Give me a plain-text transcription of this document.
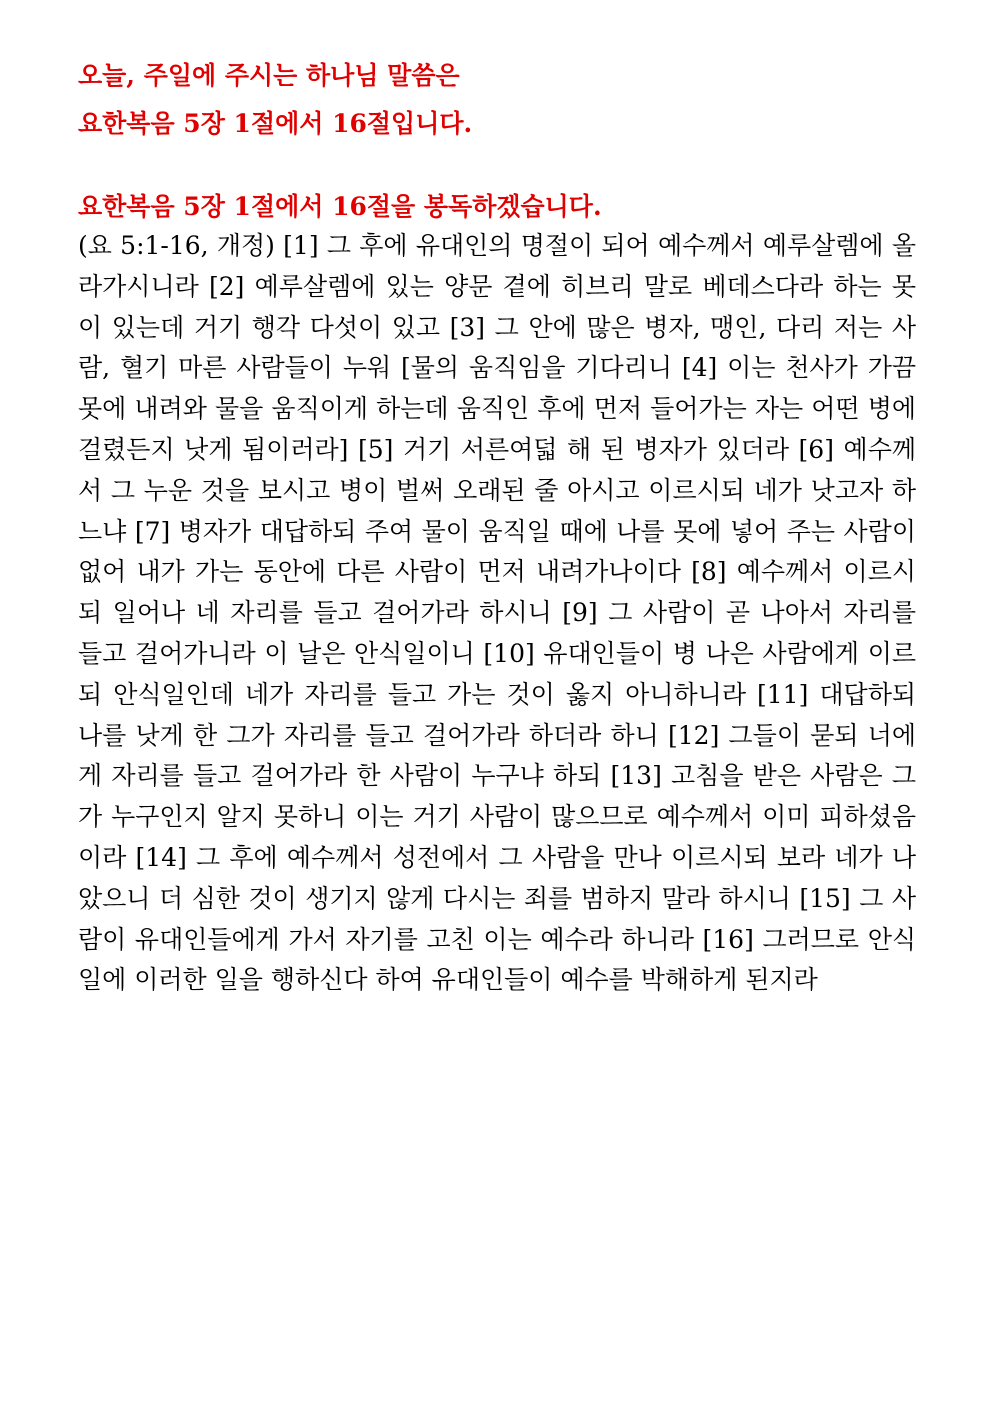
오늘, 주일에 주시는 하나님 말씀은
요한복음 5장 1절에서 16절입니다.
요한복음 5장 1절에서 16절을 봉독하겠습니다.
(요 5:1-16, 개정) [1] 그 후에 유대인의 명절이 되어 예수께서 예루살렘에 올라가시니라 [2] 예루살렘에 있는 양문 곁에 히브리 말로 베데스다라 하는 못이 있는데 거기 행각 다섯이 있고 [3] 그 안에 많은 병자, 맹인, 다리 저는 사람, 혈기 마른 사람들이 누워 [물의 움직임을 기다리니 [4] 이는 천사가 가끔 못에 내려와 물을 움직이게 하는데 움직인 후에 먼저 들어가는 자는 어떤 병에 걸렸든지 낫게 됨이러라] [5] 거기 서른여덟 해 된 병자가 있더라 [6] 예수께서 그 누운 것을 보시고 병이 벌써 오래된 줄 아시고 이르시되 네가 낫고자 하느냐 [7] 병자가 대답하되 주여 물이 움직일 때에 나를 못에 넣어 주는 사람이 없어 내가 가는 동안에 다른 사람이 먼저 내려가나이다 [8] 예수께서 이르시되 일어나 네 자리를 들고 걸어가라 하시니 [9] 그 사람이 곧 나아서 자리를 들고 걸어가니라 이 날은 안식일이니 [10] 유대인들이 병 나은 사람에게 이르되 안식일인데 네가 자리를 들고 가는 것이 옳지 아니하니라 [11] 대답하되 나를 낫게 한 그가 자리를 들고 걸어가라 하더라 하니 [12] 그들이 묻되 너에게 자리를 들고 걸어가라 한 사람이 누구냐 하되 [13] 고침을 받은 사람은 그가 누구인지 알지 못하니 이는 거기 사람이 많으므로 예수께서 이미 피하셨음이라 [14] 그 후에 예수께서 성전에서 그 사람을 만나 이르시되 보라 네가 나았으니 더 심한 것이 생기지 않게 다시는 죄를 범하지 말라 하시니 [15] 그 사람이 유대인들에게 가서 자기를 고친 이는 예수라 하니라 [16] 그러므로 안식일에 이러한 일을 행하신다 하여 유대인들이 예수를 박해하게 된지라
